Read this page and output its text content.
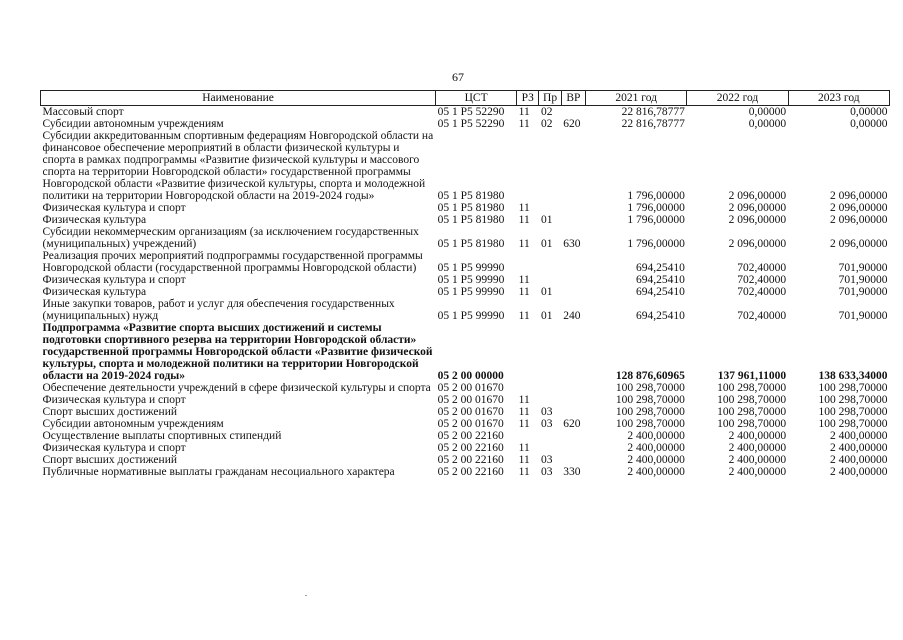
67
Наименование	ЦСТ	РЗ	Пр	ВР	2021 год	2022 год	2023 год
Массовый спорт	05 1 P5 52290	11	02		22 816,78777	0,00000	0,00000
Субсидии автономным учреждениям	05 1 P5 52290	11	02	620	22 816,78777	0,00000	0,00000
Субсидии аккредитованным спортивным федерациям Новгородской области на финансовое обеспечение мероприятий в области физической культуры и спорта в рамках подпрограммы «Развитие физической культуры и массового спорта на территории Новгородской области» государственной программы Новгородской области «Развитие физической культуры, спорта и молодежной политики на территории Новгородской области на 2019-2024 годы»	05 1 P5 81980				1 796,00000	2 096,00000	2 096,00000
Физическая культура и спорт	05 1 P5 81980	11			1 796,00000	2 096,00000	2 096,00000
Физическая культура	05 1 P5 81980	11	01		1 796,00000	2 096,00000	2 096,00000
Субсидии некоммерческим организациям (за исключением государственных (муниципальных) учреждений)	05 1 P5 81980	11	01	630	1 796,00000	2 096,00000	2 096,00000
Реализация прочих мероприятий подпрограммы государственной программы Новгородской области (государственной программы Новгородской области)	05 1 P5 99990				694,25410	702,40000	701,90000
Физическая культура и спорт	05 1 P5 99990	11			694,25410	702,40000	701,90000
Физическая культура	05 1 P5 99990	11	01		694,25410	702,40000	701,90000
Иные закупки товаров, работ и услуг для обеспечения государственных (муниципальных) нужд	05 1 P5 99990	11	01	240	694,25410	702,40000	701,90000
Подпрограмма «Развитие спорта высших достижений и системы подготовки спортивного резерва на территории Новгородской области» государственной программы Новгородской области «Развитие физической культуры, спорта и молодежной политики на территории Новгородской области на 2019-2024 годы»	05 2 00 00000				128 876,60965	137 961,11000	138 633,34000
Обеспечение деятельности учреждений в сфере физической культуры и спорта	05 2 00 01670				100 298,70000	100 298,70000	100 298,70000
Физическая культура и спорт	05 2 00 01670	11			100 298,70000	100 298,70000	100 298,70000
Спорт высших достижений	05 2 00 01670	11	03		100 298,70000	100 298,70000	100 298,70000
Субсидии автономным учреждениям	05 2 00 01670	11	03	620	100 298,70000	100 298,70000	100 298,70000
Осуществление выплаты спортивных стипендий	05 2 00 22160				2 400,00000	2 400,00000	2 400,00000
Физическая культура и спорт	05 2 00 22160	11			2 400,00000	2 400,00000	2 400,00000
Спорт высших достижений	05 2 00 22160	11	03		2 400,00000	2 400,00000	2 400,00000
Публичные нормативные выплаты гражданам несоциального характера	05 2 00 22160	11	03	330	2 400,00000	2 400,00000	2 400,00000
